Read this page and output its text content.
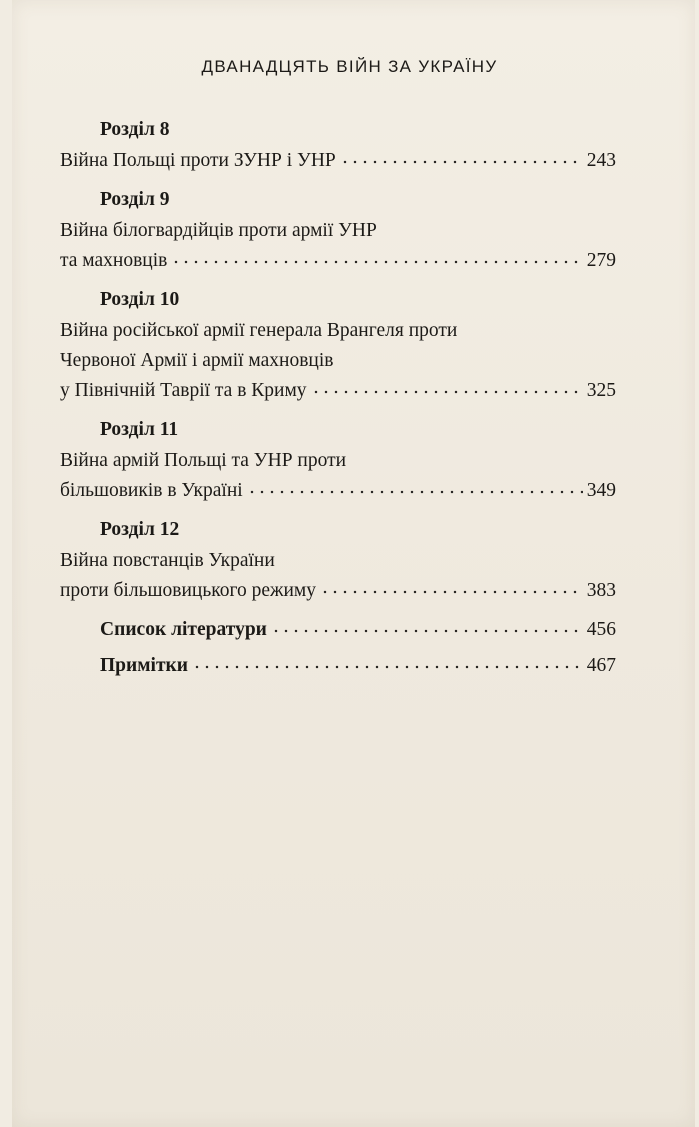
ДВАНАДЦЯТЬ ВІЙН ЗА УКРАЇНУ
Розділ 8
Війна Польщі проти ЗУНР і УНР	243
Розділ 9
Війна білогвардійців проти армії УНР
та махновців	279
Розділ 10
Війна російської армії генерала Врангеля проти
Червоної Армії і армії махновців
у Північній Таврії та в Криму	325
Розділ 11
Війна армій Польщі та УНР проти
більшовиків в Україні	349
Розділ 12
Війна повстанців України
проти більшовицького режиму	383
Список літератури	456
Примітки	467
